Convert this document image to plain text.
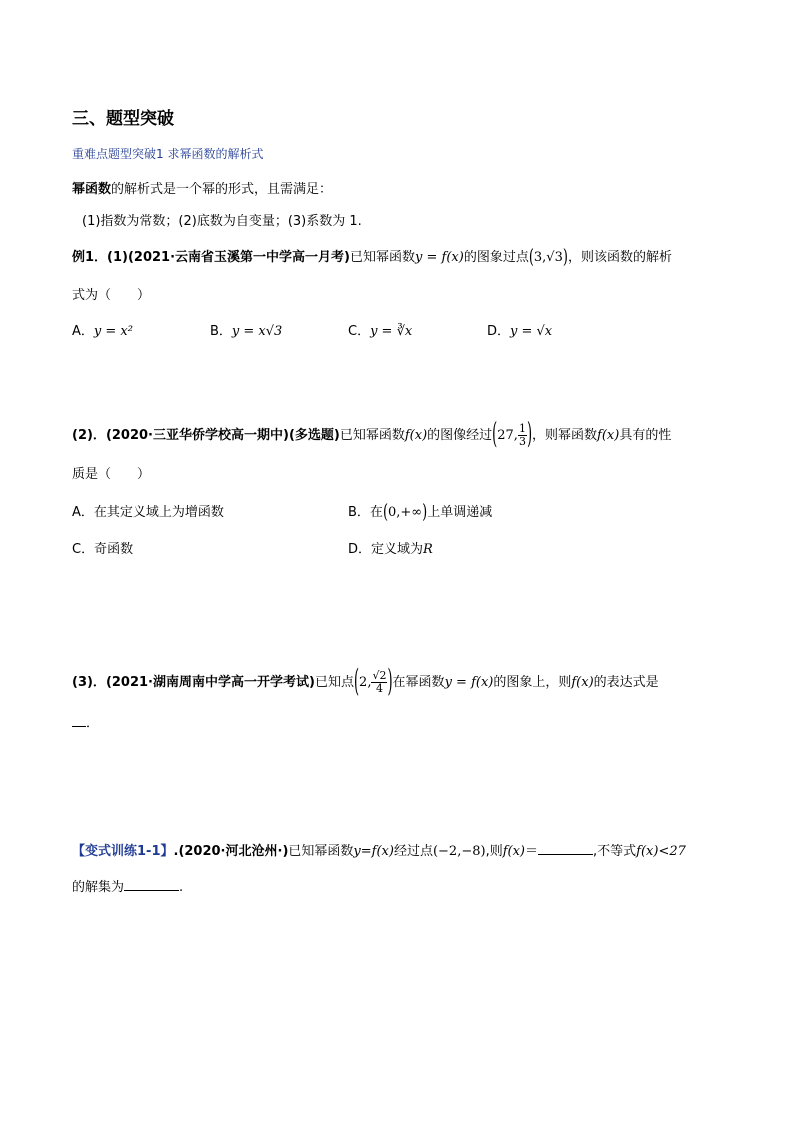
三、题型突破
重难点题型突破1 求幂函数的解析式
幂函数的解析式是一个幂的形式，且需满足：
(1)指数为常数；(2)底数为自变量；(3)系数为 1.
例1．(1)(2021·云南省玉溪第一中学高一月考)已知幂函数y = f(x)的图象过点(3,√3)，则该函数的解析
式为（　　）
A．y = x²	B．y = x√3	C．y = ∛x	D．y = √x
(2)．(2020·三亚华侨学校高一期中)(多选题)已知幂函数f(x)的图像经过(27, $\frac{1}{3}$ )，则幂函数f(x)具有的性
质是（　　）
A．在其定义域上为增函数	B．在(0,+∞)上单调递减
C．奇函数	D．定义域为R
(3)．(2021·湖南周南中学高一开学考试)已知点(2, $\frac{√2}{4}$ )在幂函数y = f(x)的图象上，则f(x)的表达式是
．
【变式训练1-1】.(2020·河北沧州·)已知幂函数y=f(x)经过点(−2,−8),则f(x)＝	,不等式f(x)<27
的解集为	.
